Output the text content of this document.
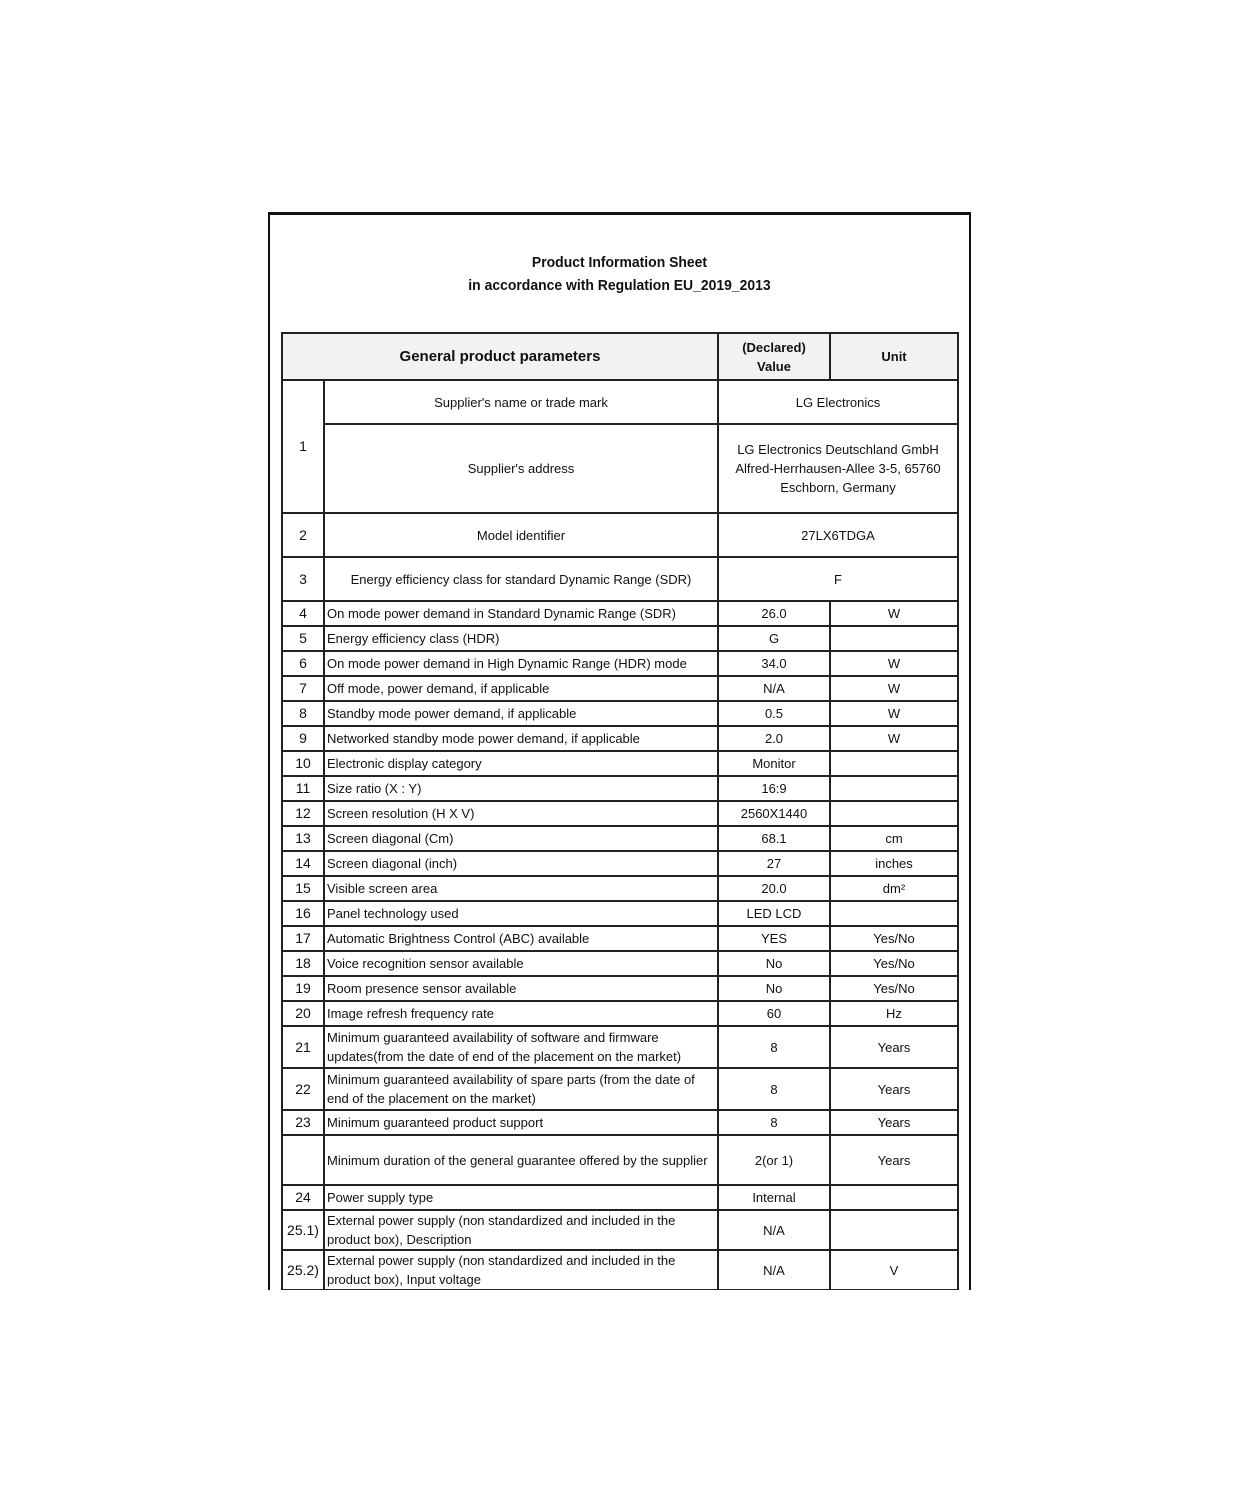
Product Information Sheet
in accordance with Regulation EU_2019_2013
General product parameters		(Declared)
Value	Unit
1	Supplier's name or trade mark	LG Electronics	
	Supplier's address	LG Electronics Deutschland GmbH
Alfred-Herrhausen-Allee 3-5, 65760
Eschborn, Germany	
2	Model identifier	27LX6TDGA	
3	Energy efficiency class for standard Dynamic Range (SDR)	F	
4	On mode power demand in Standard Dynamic Range (SDR)	26.0	W
5	Energy efficiency class (HDR)	G	
6	On mode power demand in High Dynamic Range (HDR) mode	34.0	W
7	Off mode, power demand, if applicable	N/A	W
8	Standby mode power demand, if applicable	0.5	W
9	Networked standby mode power demand, if applicable	2.0	W
10	Electronic display category	Monitor	
11	Size ratio (X : Y)	16:9	
12	Screen resolution (H X V)	2560X1440	
13	Screen diagonal (Cm)	68.1	cm
14	Screen diagonal (inch)	27	inches
15	Visible screen area	20.0	dm²
16	Panel technology used	LED LCD	
17	Automatic Brightness Control (ABC) available	YES	Yes/No
18	Voice recognition sensor available	No	Yes/No
19	Room presence sensor available	No	Yes/No
20	Image refresh frequency rate	60	Hz
21	Minimum guaranteed availability of software and firmware updates(from the date of end of the placement on the market)	8	Years
22	Minimum guaranteed availability of spare parts (from the date of end of the placement on the market)	8	Years
23	Minimum guaranteed product support	8	Years
	Minimum duration of the general guarantee offered by the supplier	2(or 1)	Years
24	Power supply type	Internal	
25.1)	External power supply (non standardized and included in the product box), Description	N/A	
25.2)	External power supply (non standardized and included in the product box), Input voltage	N/A	V
